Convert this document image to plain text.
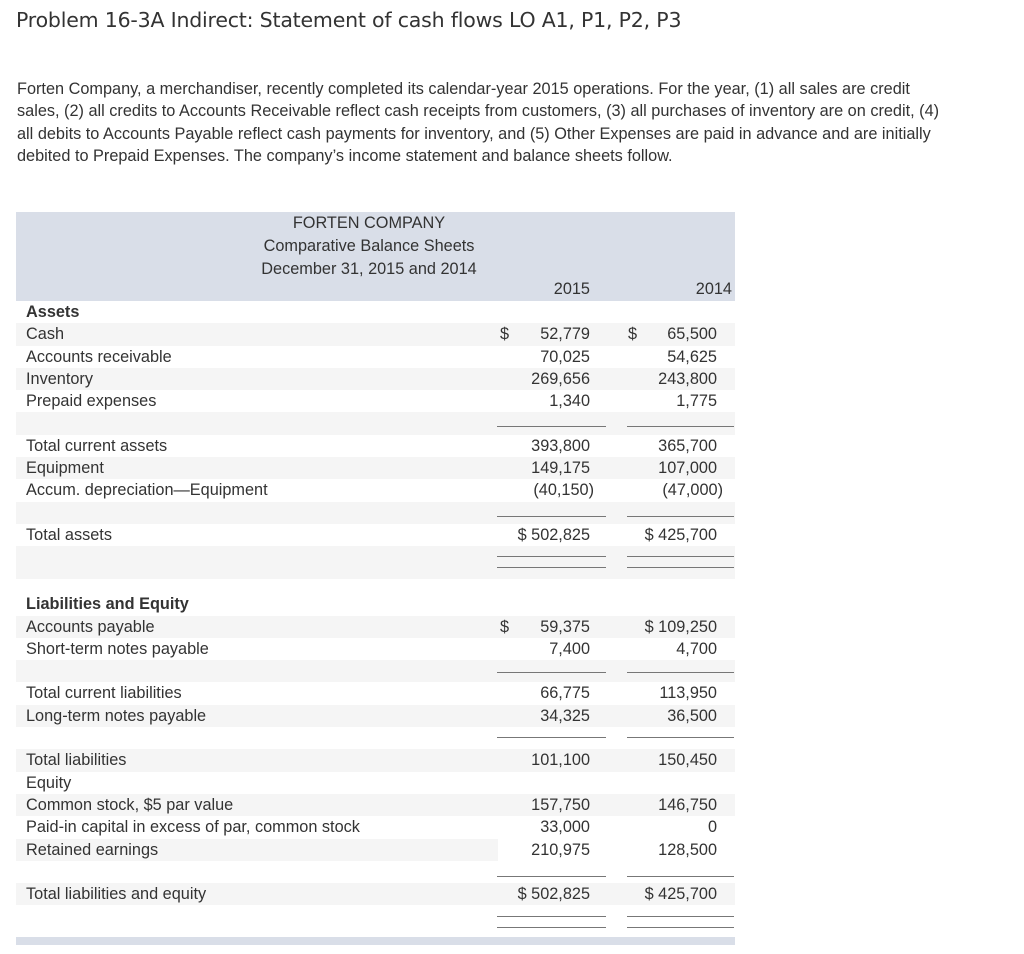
Problem 16-3A Indirect: Statement of cash flows LO A1, P1, P2, P3
Forten Company, a merchandiser, recently completed its calendar-year 2015 operations. For the year, (1) all sales are credit sales, (2) all credits to Accounts Receivable reflect cash receipts from customers, (3) all purchases of inventory are on credit, (4) all debits to Accounts Payable reflect cash payments for inventory, and (5) Other Expenses are paid in advance and are initially debited to Prepaid Expenses. The company’s income statement and balance sheets follow.
FORTEN COMPANY
Comparative Balance Sheets
December 31, 2015 and 2014
2015	2014
Assets
Cash	$ 52,779 $ 65,500
Accounts receivable	70,025	54,625
Inventory	269,656	243,800
Prepaid expenses	1,340	1,775
Total current assets	393,800	365,700
Equipment	149,175	107,000
Accum. depreciation—Equipment	(40,150)	(47,000)
Total assets	$ 502,825	$ 425,700
Liabilities and Equity
Accounts payable	$ 59,375	$ 109,250
Short-term notes payable	7,400	4,700
Total current liabilities	66,775	113,950
Long-term notes payable	34,325	36,500
Total liabilities	101,100	150,450
Equity
Common stock, $5 par value	157,750	146,750
Paid-in capital in excess of par, common stock	33,000	0
Retained earnings	210,975	128,500
Total liabilities and equity	$ 502,825	$ 425,700
